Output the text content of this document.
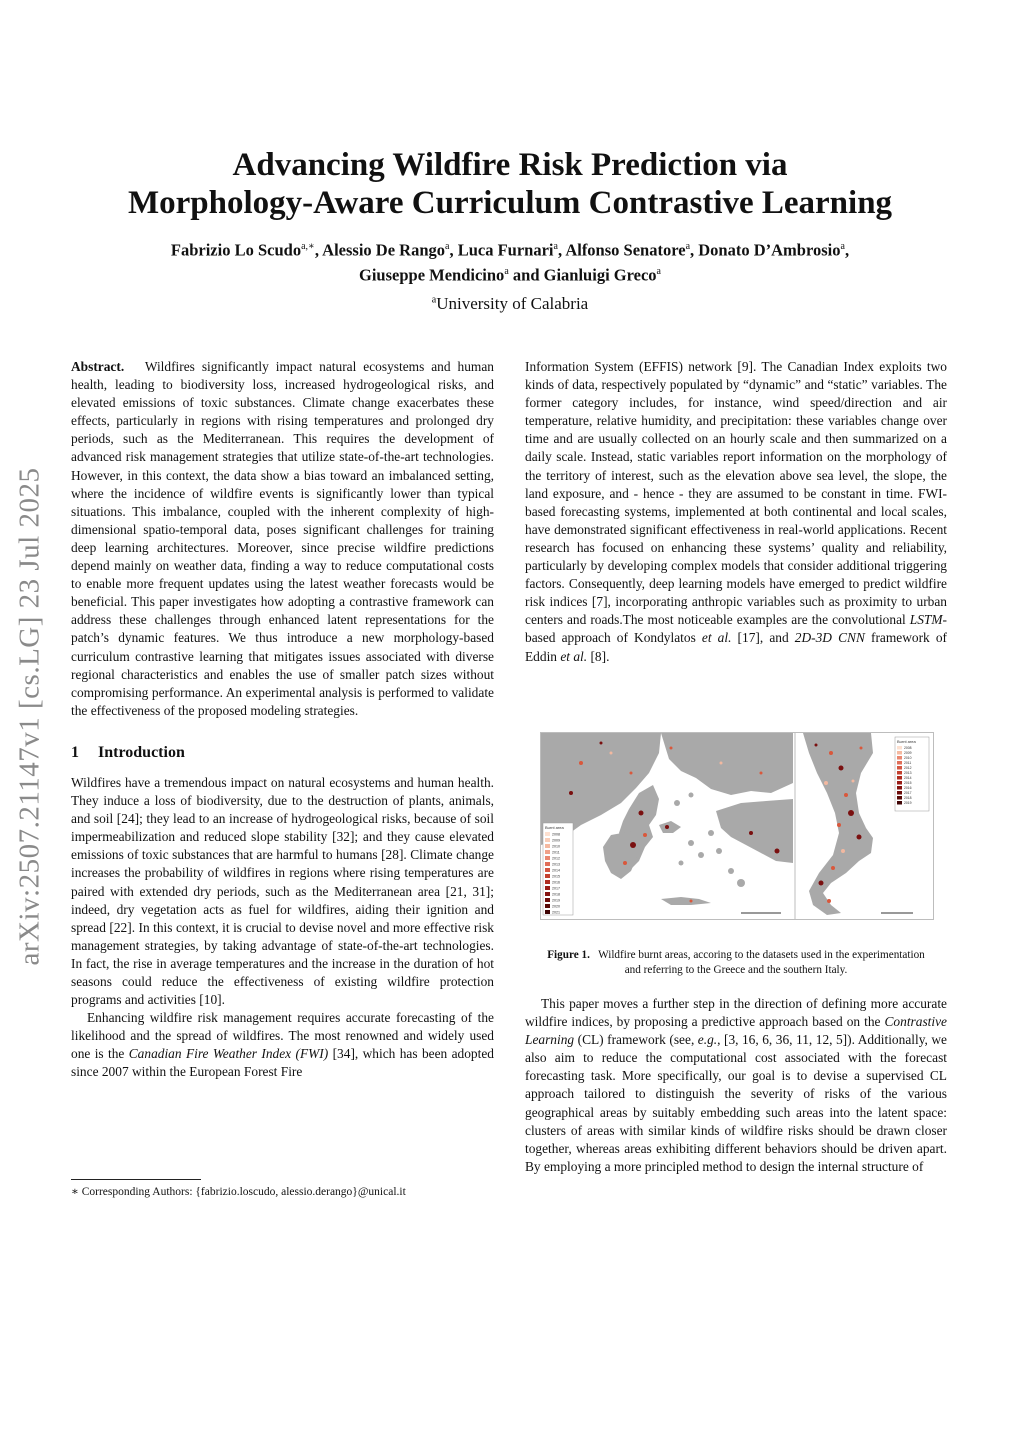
arXiv:2507.21147v1 [cs.LG] 23 Jul 2025
Advancing Wildfire Risk Prediction via
Morphology-Aware Curriculum Contrastive Learning
Fabrizio Lo Scudo$^{a,∗}$, Alessio De Rango$^a$, Luca Furnari$^a$, Alfonso Senatore$^a$, Donato D’Ambrosio$^a$,
Giuseppe Mendicino$^a$ and Gianluigi Greco$^a$
$^a$University of Calabria

Abstract. Wildfires significantly impact natural ecosystems and human health, leading to biodiversity loss, increased hydrogeological risks, and elevated emissions of toxic substances. Climate change exacerbates these effects, particularly in regions with rising temperatures and prolonged dry periods, such as the Mediterranean. This requires the development of advanced risk management strategies that utilize state-of-the-art technologies. However, in this context, the data show a bias toward an imbalanced setting, where the incidence of wildfire events is significantly lower than typical situations. This imbalance, coupled with the inherent complexity of high-dimensional spatio-temporal data, poses significant challenges for training deep learning architectures. Moreover, since precise wildfire predictions depend mainly on weather data, finding a way to reduce computational costs to enable more frequent updates using the latest weather forecasts would be beneficial. This paper investigates how adopting a contrastive framework can address these challenges through enhanced latent representations for the patch’s dynamic features. We thus introduce a new morphology-based curriculum contrastive learning that mitigates issues associated with diverse regional characteristics and enables the use of smaller patch sizes without compromising performance. An experimental analysis is performed to validate the effectiveness of the proposed modeling strategies.

1 Introduction

Wildfires have a tremendous impact on natural ecosystems and human health. They induce a loss of biodiversity, due to the destruction of plants, animals, and soil [24]; they lead to an increase of hydrogeological risks, because of soil impermeabilization and reduced slope stability [32]; and they cause elevated emissions of toxic substances that are harmful to humans [28]. Climate change increases the probability of wildfires in regions where rising temperatures are paired with extended dry periods, such as the Mediterranean area [21, 31]; indeed, dry vegetation acts as fuel for wildfires, aiding their ignition and spread [22]. In this context, it is crucial to devise novel and more effective risk management strategies, by taking advantage of state-of-the-art technologies. In fact, the rise in average temperatures and the increase in the duration of hot seasons could reduce the effectiveness of existing wildfire protection programs and activities [10].

Enhancing wildfire risk management requires accurate forecasting of the likelihood and the spread of wildfires. The most renowned and widely used one is the Canadian Fire Weather Index (FWI) [34], which has been adopted since 2007 within the European Forest Fire

∗ Corresponding Authors: {fabrizio.loscudo, alessio.derango}@unical.it

Information System (EFFIS) network [9]. The Canadian Index exploits two kinds of data, respectively populated by “dynamic” and “static” variables. The former category includes, for instance, wind speed/direction and air temperature, relative humidity, and precipitation: these variables change over time and are usually collected on an hourly scale and then summarized on a daily scale. Instead, static variables report information on the morphology of the territory of interest, such as the elevation above sea level, the slope, the land exposure, and - hence - they are assumed to be constant in time. FWI-based forecasting systems, implemented at both continental and local scales, have demonstrated significant effectiveness in real-world applications. Recent research has focused on enhancing these systems’ quality and reliability, particularly by developing complex models that consider additional triggering factors. Consequently, deep learning models have emerged to predict wildfire risk indices [7], incorporating anthropic variables such as proximity to urban centers and roads.The most noticeable examples are the convolutional LSTM-based approach of Kondylatos et al. [17], and 2D-3D CNN framework of Eddin et al. [8].

Burnt area
Burnt area
2008
2009
2010
2011
2012
2013
2014
2015
2016
2017
2018
2019
2020
2021
2008
2009
2010
2011
2012
2013
2014
2015
2016
2017
2018
2019
Figure 1. Wildfire burnt areas, accoring to the datasets used in the experimentation and referring to the Greece and the southern Italy.

This paper moves a further step in the direction of defining more accurate wildfire indices, by proposing a predictive approach based on the Contrastive Learning (CL) framework (see, e.g., [3, 16, 6, 36, 11, 12, 5]). Additionally, we also aim to reduce the computational cost associated with the forecast forecasting task. More specifically, our goal is to devise a supervised CL approach tailored to distinguish the severity of risks of the various geographical areas by suitably embedding such areas into the latent space: clusters of areas with similar kinds of wildfire risks should be drawn closer together, whereas areas exhibiting different behaviors should be driven apart. By employing a more principled method to design the internal structure of
